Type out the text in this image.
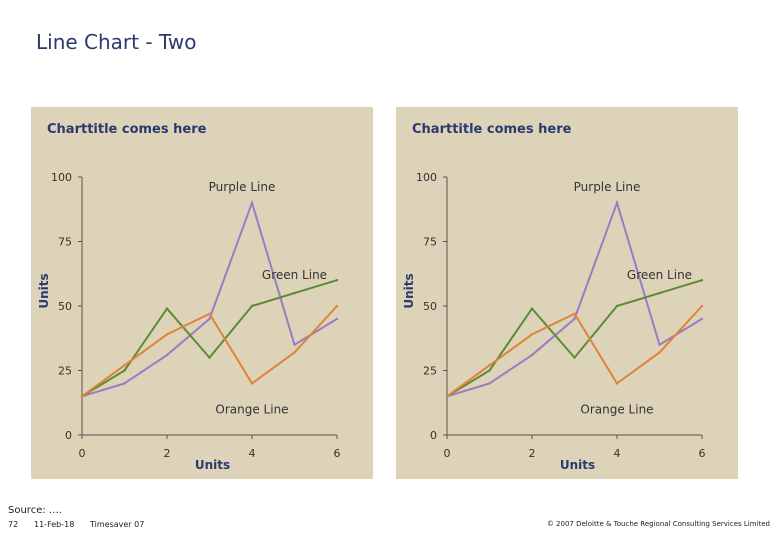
Line Chart - Two
Charttitle comes here
0
25
50
75
100
0	2	4	6
Units
Units
Purple Line
Green Line
Orange Line
Charttitle comes here
0
25
50
75
100
0	2	4	6
Units
Units
Purple Line
Green Line
Orange Line
Source: ….
72 11-Feb-18 Timesaver 07	© 2007 Deloitte & Touche Regional Consulting Services Limited
